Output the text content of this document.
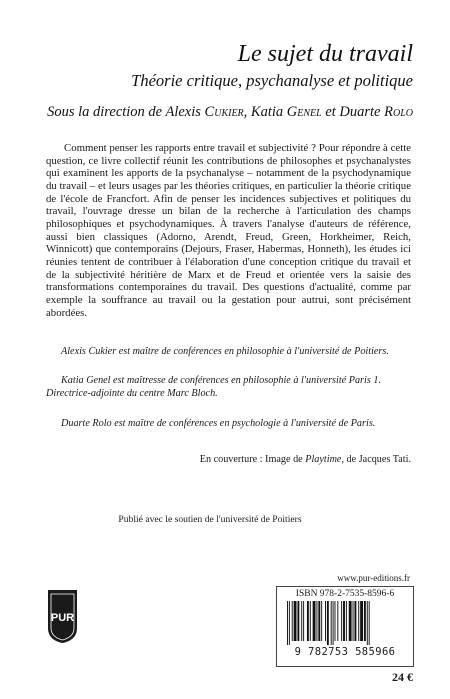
Le sujet du travail
Théorie critique, psychanalyse et politique
Sous la direction de Alexis Cukier, Katia Genel et Duarte Rolo

Comment penser les rapports entre travail et subjectivité ? Pour répondre à cette question, ce livre collectif réunit les contributions de philosophes et psychanalystes qui examinent les apports de la psychanalyse – notamment de la psychodynamique du travail – et leurs usages par les théories critiques, en particulier la théorie critique de l'école de Francfort. Afin de penser les incidences subjectives et politiques du travail, l'ouvrage dresse un bilan de la recherche à l'articulation des champs philosophiques et psychodynamiques. À travers l'analyse d'auteurs de référence, aussi bien classiques (Adorno, Arendt, Freud, Green, Horkheimer, Reich, Winnicott) que contemporains (Dejours, Fraser, Habermas, Honneth), les études ici réunies tentent de contribuer à l'élaboration d'une conception critique du travail et de la subjectivité héritière de Marx et de Freud et orientée vers la saisie des transformations contemporaines du travail. Des questions d'actualité, comme par exemple la souffrance au travail ou la gestation pour autrui, sont précisément abordées.

Alexis Cukier est maître de conférences en philosophie à l'université de Poitiers.

Katia Genel est maîtresse de conférences en philosophie à l'université Paris 1. Directrice-adjointe du centre Marc Bloch.

Duarte Rolo est maître de conférences en psychologie à l'université de Paris.

En couverture : Image de Playtime, de Jacques Tati.

Publié avec le soutien de l'université de Poitiers
PUR
www.pur-editions.fr
ISBN 978-2-7535-8596-6
9 782753 585966
24 €
